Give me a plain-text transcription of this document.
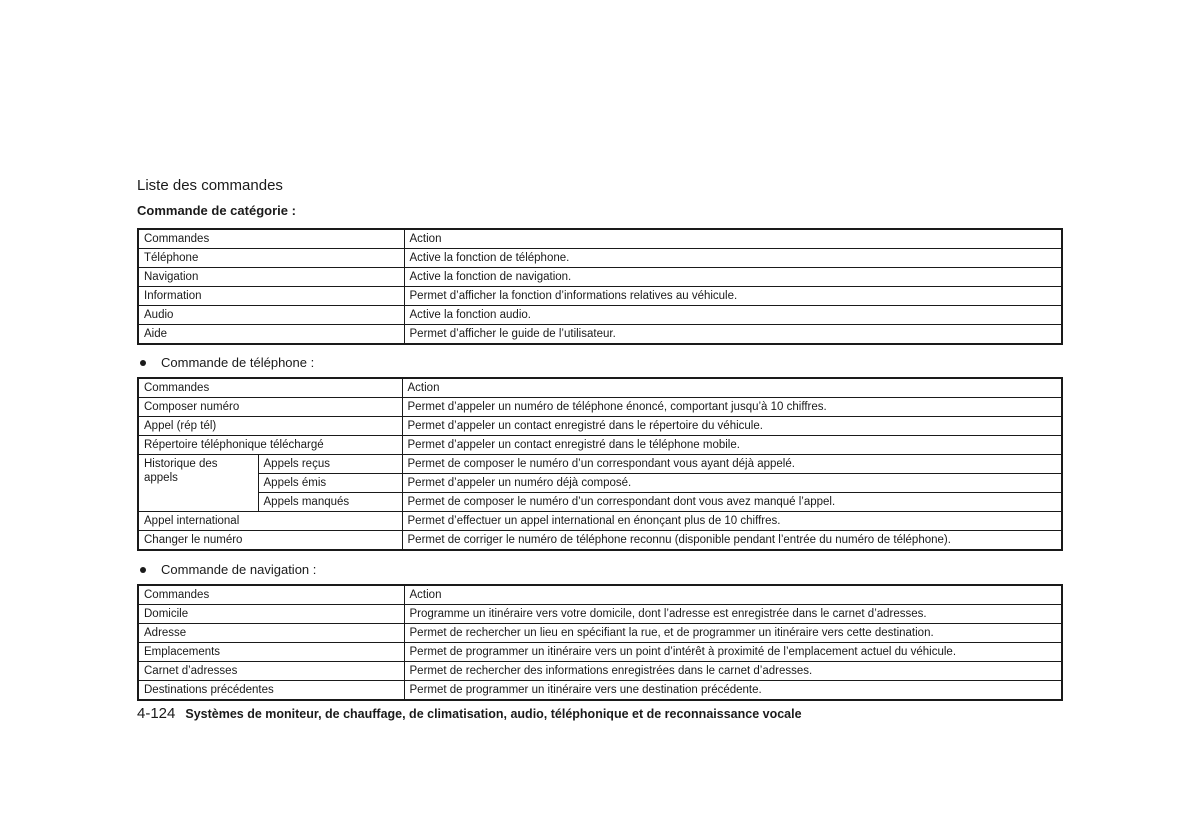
Liste des commandes
Commande de catégorie :
Commandes	Action
Téléphone	Active la fonction de téléphone.
Navigation	Active la fonction de navigation.
Information	Permet d’afficher la fonction d’informations relatives au véhicule.
Audio	Active la fonction audio.
Aide	Permet d’afficher le guide de l’utilisateur.
Commande de téléphone :
Commandes		Action
Composer numéro		Permet d’appeler un numéro de téléphone énoncé, comportant jusqu’à 10 chiffres.
Appel (rép tél)		Permet d’appeler un contact enregistré dans le répertoire du véhicule.
Répertoire téléphonique téléchargé		Permet d’appeler un contact enregistré dans le téléphone mobile.
Historique des appels	Appels reçus	Permet de composer le numéro d’un correspondant vous ayant déjà appelé.
	Appels émis	Permet d’appeler un numéro déjà composé.
	Appels manqués	Permet de composer le numéro d’un correspondant dont vous avez manqué l’appel.
Appel international		Permet d’effectuer un appel international en énonçant plus de 10 chiffres.
Changer le numéro		Permet de corriger le numéro de téléphone reconnu (disponible pendant l’entrée du numéro de téléphone).
Commande de navigation :
Commandes	Action
Domicile	Programme un itinéraire vers votre domicile, dont l’adresse est enregistrée dans le carnet d’adresses.
Adresse	Permet de rechercher un lieu en spécifiant la rue, et de programmer un itinéraire vers cette destination.
Emplacements	Permet de programmer un itinéraire vers un point d’intérêt à proximité de l’emplacement actuel du véhicule.
Carnet d’adresses	Permet de rechercher des informations enregistrées dans le carnet d’adresses.
Destinations précédentes	Permet de programmer un itinéraire vers une destination précédente.
4-124 Systèmes de moniteur, de chauffage, de climatisation, audio, téléphonique et de reconnaissance vocale
